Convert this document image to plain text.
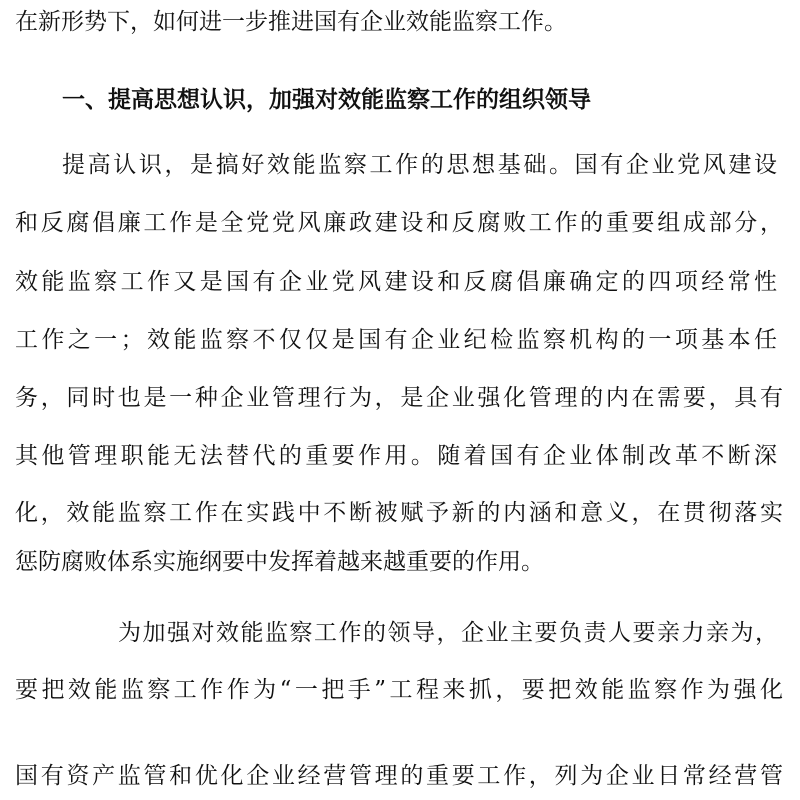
在新形势下，如何进一步推进国有企业效能监察工作。
一、提高思想认识，加强对效能监察工作的组织领导
提高认识，是搞好效能监察工作的思想基础。国有企业党风建设
和反腐倡廉工作是全党党风廉政建设和反腐败工作的重要组成部分，
效能监察工作又是国有企业党风建设和反腐倡廉确定的四项经常性
工作之一；效能监察不仅仅是国有企业纪检监察机构的一项基本任
务，同时也是一种企业管理行为，是企业强化管理的内在需要，具有
其他管理职能无法替代的重要作用。随着国有企业体制改革不断深
化，效能监察工作在实践中不断被赋予新的内涵和意义，在贯彻落实
惩防腐败体系实施纲要中发挥着越来越重要的作用。
为加强对效能监察工作的领导，企业主要负责人要亲力亲为，
要把效能监察工作作为“一把手”工程来抓，要把效能监察作为强化
国有资产监管和优化企业经营管理的重要工作，列为企业日常经营管
